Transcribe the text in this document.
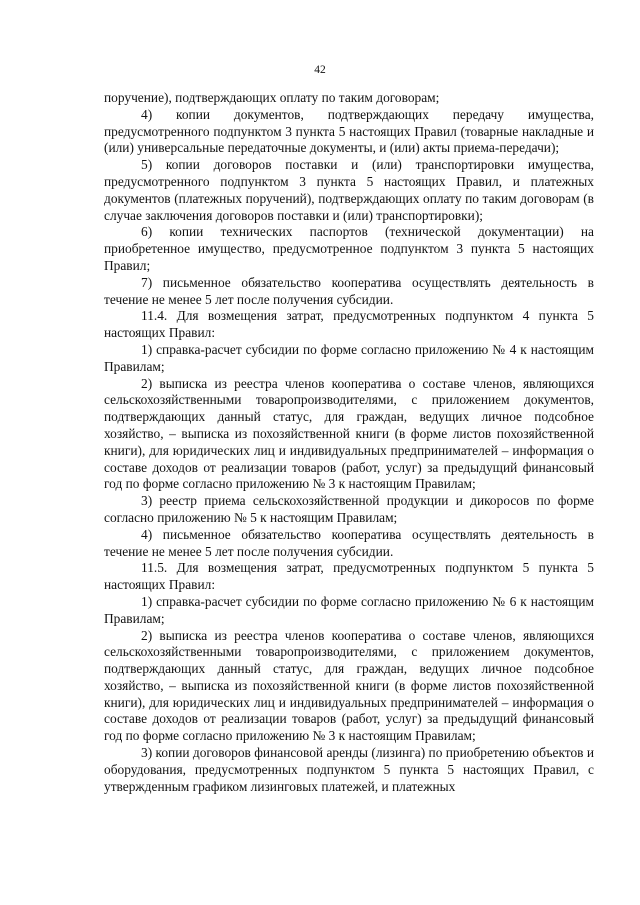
42

поручение), подтверждающих оплату по таким договорам;

4) копии документов, подтверждающих передачу имущества, предусмотренного подпунктом 3 пункта 5 настоящих Правил (товарные накладные и (или) универсальные передаточные документы, и (или) акты приема-передачи);

5) копии договоров поставки и (или) транспортировки имущества, предусмотренного подпунктом 3 пункта 5 настоящих Правил, и платежных документов (платежных поручений), подтверждающих оплату по таким договорам (в случае заключения договоров поставки и (или) транспортировки);

6) копии технических паспортов (технической документации) на приобретенное имущество, предусмотренное подпунктом 3 пункта 5 настоящих Правил;

7) письменное обязательство кооператива осуществлять деятельность в течение не менее 5 лет после получения субсидии.

11.4. Для возмещения затрат, предусмотренных подпунктом 4 пункта 5 настоящих Правил:

1) справка-расчет субсидии по форме согласно приложению № 4 к настоящим Правилам;

2) выписка из реестра членов кооператива о составе членов, являющихся сельскохозяйственными товаропроизводителями, с приложением документов, подтверждающих данный статус, для граждан, ведущих личное подсобное хозяйство, – выписка из похозяйственной книги (в форме листов похозяйственной книги), для юридических лиц и индивидуальных предпринимателей – информация о составе доходов от реализации товаров (работ, услуг) за предыдущий финансовый год по форме согласно приложению № 3 к настоящим Правилам;

3) реестр приема сельскохозяйственной продукции и дикоросов по форме согласно приложению № 5 к настоящим Правилам;

4) письменное обязательство кооператива осуществлять деятельность в течение не менее 5 лет после получения субсидии.

11.5. Для возмещения затрат, предусмотренных подпунктом 5 пункта 5 настоящих Правил:

1) справка-расчет субсидии по форме согласно приложению № 6 к настоящим Правилам;

2) выписка из реестра членов кооператива о составе членов, являющихся сельскохозяйственными товаропроизводителями, с приложением документов, подтверждающих данный статус, для граждан, ведущих личное подсобное хозяйство, – выписка из похозяйственной книги (в форме листов похозяйственной книги), для юридических лиц и индивидуальных предпринимателей – информация о составе доходов от реализации товаров (работ, услуг) за предыдущий финансовый год по форме согласно приложению № 3 к настоящим Правилам;

3) копии договоров финансовой аренды (лизинга) по приобретению объектов и оборудования, предусмотренных подпунктом 5 пункта 5 настоящих Правил, с утвержденным графиком лизинговых платежей, и платежных
